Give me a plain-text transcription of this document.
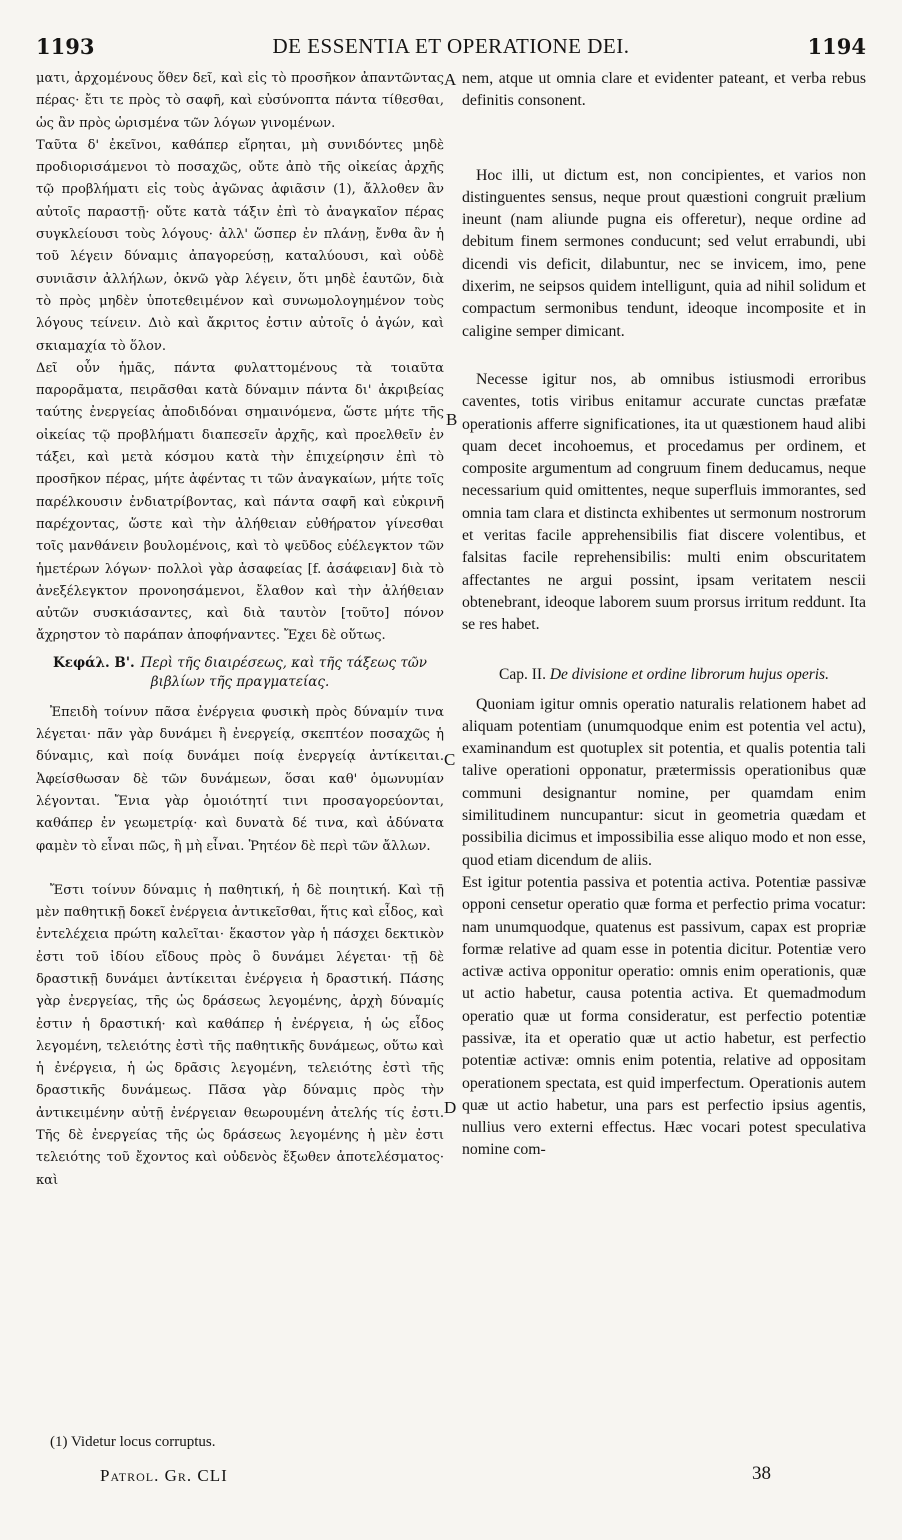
1193	DE ESSENTIA ET OPERATIONE DEI.	1194

ματι, ἀρχομένους ὅθεν δεῖ, καὶ εἰς τὸ προσῆκον ἀπαντῶντας πέρας· ἔτι τε πρὸς τὸ σαφῆ, καὶ εὐσύνοπτα πάντα τίθεσθαι, ὡς ἂν πρὸς ὡρισμένα τῶν λόγων γινομένων.

Ταῦτα δ' ἐκεῖνοι, καθάπερ εἴρηται, μὴ συνιδόντες μηδὲ προδιορισάμενοι τὸ ποσαχῶς, οὔτε ἀπὸ τῆς οἰκείας ἀρχῆς τῷ προβλήματι εἰς τοὺς ἀγῶνας ἀφιᾶσιν (1), ἄλλοθεν ἂν αὐτοῖς παραστῇ· οὔτε κατὰ τάξιν ἐπὶ τὸ ἀναγκαῖον πέρας συγκλείουσι τοὺς λόγους· ἀλλ' ὥσπερ ἐν πλάνῃ, ἔνθα ἂν ἡ τοῦ λέγειν δύναμις ἀπαγορεύσῃ, καταλύουσι, καὶ οὐδὲ συνιᾶσιν ἀλλήλων, ὀκνῶ γὰρ λέγειν, ὅτι μηδὲ ἑαυτῶν, διὰ τὸ πρὸς μηδὲν ὑποτεθειμένον καὶ συνωμολογημένον τοὺς λόγους τείνειν. Διὸ καὶ ἄκριτος ἐστιν αὐτοῖς ὁ ἀγών, καὶ σκιαμαχία τὸ ὅλον.

Δεῖ οὖν ἡμᾶς, πάντα φυλαττομένους τὰ τοιαῦτα παρορᾶματα, πειρᾶσθαι κατὰ δύναμιν πάντα δι' ἀκριβείας ταύτης ἐνεργείας ἀποδιδόναι σημαινόμενα, ὥστε μήτε τῆς οἰκείας τῷ προβλήματι διαπεσεῖν ἀρχῆς, καὶ προελθεῖν ἐν τάξει, καὶ μετὰ κόσμου κατὰ τὴν ἐπιχείρησιν ἐπὶ τὸ προσῆκον πέρας, μήτε ἀφέντας τι τῶν ἀναγκαίων, μήτε τοῖς παρέλκουσιν ἐνδιατρίβοντας, καὶ πάντα σαφῆ καὶ εὐκρινῆ παρέχοντας, ὥστε καὶ τὴν ἀλήθειαν εὐθήρατον γίνεσθαι τοῖς μανθάνειν βουλομένοις, καὶ τὸ ψεῦδος εὐέλεγκτον τῶν ἡμετέρων λόγων· πολλοὶ γὰρ ἀσαφείας [f. ἀσάφειαν] διὰ τὸ ἀνεξέλεγκτον προνοησάμενοι, ἔλαθον καὶ τὴν ἀλήθειαν αὐτῶν συσκιάσαντες, καὶ διὰ ταυτὸν [τοῦτο] πόνον ἄχρηστον τὸ παράπαν ἀποφήναντες. Ἔχει δὲ οὕτως.

Κεφάλ. Β'. Περὶ τῆς διαιρέσεως, καὶ τῆς τάξεως τῶν βιβλίων τῆς πραγματείας.

Ἐπειδὴ τοίνυν πᾶσα ἐνέργεια φυσικὴ πρὸς δύναμίν τινα λέγεται· πᾶν γὰρ δυνάμει ἢ ἐνεργείᾳ, σκεπτέον ποσαχῶς ἡ δύναμις, καὶ ποίᾳ δυνάμει ποίᾳ ἐνεργείᾳ ἀντίκειται. Ἀφείσθωσαν δὲ τῶν δυνάμεων, ὅσαι καθ' ὁμωνυμίαν λέγονται. Ἔνια γὰρ ὁμοιότητί τινι προσαγορεύονται, καθάπερ ἐν γεωμετρίᾳ· καὶ δυνατὰ δέ τινα, καὶ ἀδύνατα φαμὲν τὸ εἶναι πῶς, ἢ μὴ εἶναι. Ῥητέον δὲ περὶ τῶν ἄλλων.

Ἔστι τοίνυν δύναμις ἡ παθητική, ἡ δὲ ποιητική. Καὶ τῇ μὲν παθητικῇ δοκεῖ ἐνέργεια ἀντικεῖσθαι, ἥτις καὶ εἶδος, καὶ ἐντελέχεια πρώτη καλεῖται· ἕκαστον γὰρ ἡ πάσχει δεκτικὸν ἐστι τοῦ ἰδίου εἴδους πρὸς ὃ δυνάμει λέγεται· τῇ δὲ δραστικῇ δυνάμει ἀντίκειται ἐνέργεια ἡ δραστική. Πάσης γὰρ ἐνεργείας, τῆς ὡς δράσεως λεγομένης, ἀρχὴ δύναμίς ἐστιν ἡ δραστική· καὶ καθάπερ ἡ ἐνέργεια, ἡ ὡς εἶδος λεγομένη, τελειότης ἐστὶ τῆς παθητικῆς δυνάμεως, οὕτω καὶ ἡ ἐνέργεια, ἡ ὡς δρᾶσις λεγομένη, τελειότης ἐστὶ τῆς δραστικῆς δυνάμεως. Πᾶσα γὰρ δύναμις πρὸς τὴν ἀντικειμένην αὐτῇ ἐνέργειαν θεωρουμένη ἀτελής τίς ἐστι. Τῆς δὲ ἐνεργείας τῆς ὡς δράσεως λεγομένης ἡ μὲν ἐστι τελειότης τοῦ ἔχοντος καὶ οὐδενὸς ἔξωθεν ἀποτελέσματος· καὶ

nem, atque ut omnia clare et evidenter pateant, et verba rebus definitis consonent.

Hoc illi, ut dictum est, non concipientes, et varios non distinguentes sensus, neque prout quæstioni congruit prælium ineunt (nam aliunde pugna eis offeretur), neque ordine ad debitum finem sermones conducunt; sed velut errabundi, ubi dicendi vis deficit, dilabuntur, nec se invicem, imo, pene dixerim, ne seipsos quidem intelligunt, quia ad nihil solidum et compactum sermonibus tendunt, ideoque incomposite et in caligine semper dimicant.

Necesse igitur nos, ab omnibus istiusmodi erroribus caventes, totis viribus enitamur accurate cunctas præfatæ operationis afferre significationes, ita ut quæstionem haud alibi quam decet incohoemus, et procedamus per ordinem, et composite argumentum ad congruum finem deducamus, neque necessarium quid omittentes, neque superfluis immorantes, sed omnia tam clara et distincta exhibentes ut sermonum nostrorum et veritas facile apprehensibilis fiat discere volentibus, et falsitas facile reprehensibilis: multi enim obscuritatem affectantes ne argui possint, ipsam veritatem nescii obtenebrant, ideoque laborem suum prorsus irritum reddunt. Ita se res habet.

Cap. II. De divisione et ordine librorum hujus operis.

Quoniam igitur omnis operatio naturalis relationem habet ad aliquam potentiam (unumquodque enim est potentia vel actu), examinandum est quotuplex sit potentia, et qualis potentia tali talive operationi opponatur, prætermissis operationibus quæ communi designantur nomine, per quamdam enim similitudinem nuncupantur: sicut in geometria quædam et possibilia dicimus et impossibilia esse aliquo modo et non esse, quod etiam dicendum de aliis.

Est igitur potentia passiva et potentia activa. Potentiæ passivæ opponi censetur operatio quæ forma et perfectio prima vocatur: nam unumquodque, quatenus est passivum, capax est propriæ formæ relative ad quam esse in potentia dicitur. Potentiæ vero activæ activa opponitur operatio: omnis enim operationis, quæ ut actio habetur, causa potentia activa. Et quemadmodum operatio quæ ut forma consideratur, est perfectio potentiæ passivæ, ita et operatio quæ ut actio habetur, est perfectio potentiæ activæ: omnis enim potentia, relative ad oppositam operationem spectata, est quid imperfectum. Operationis autem quæ ut actio habetur, una pars est perfectio ipsius agentis, nullius vero externi effectus. Hæc vocari potest speculativa nomine com-

A
B
C
D
(1) Videtur locus corruptus.
Patrol. Gr. CLI	38
